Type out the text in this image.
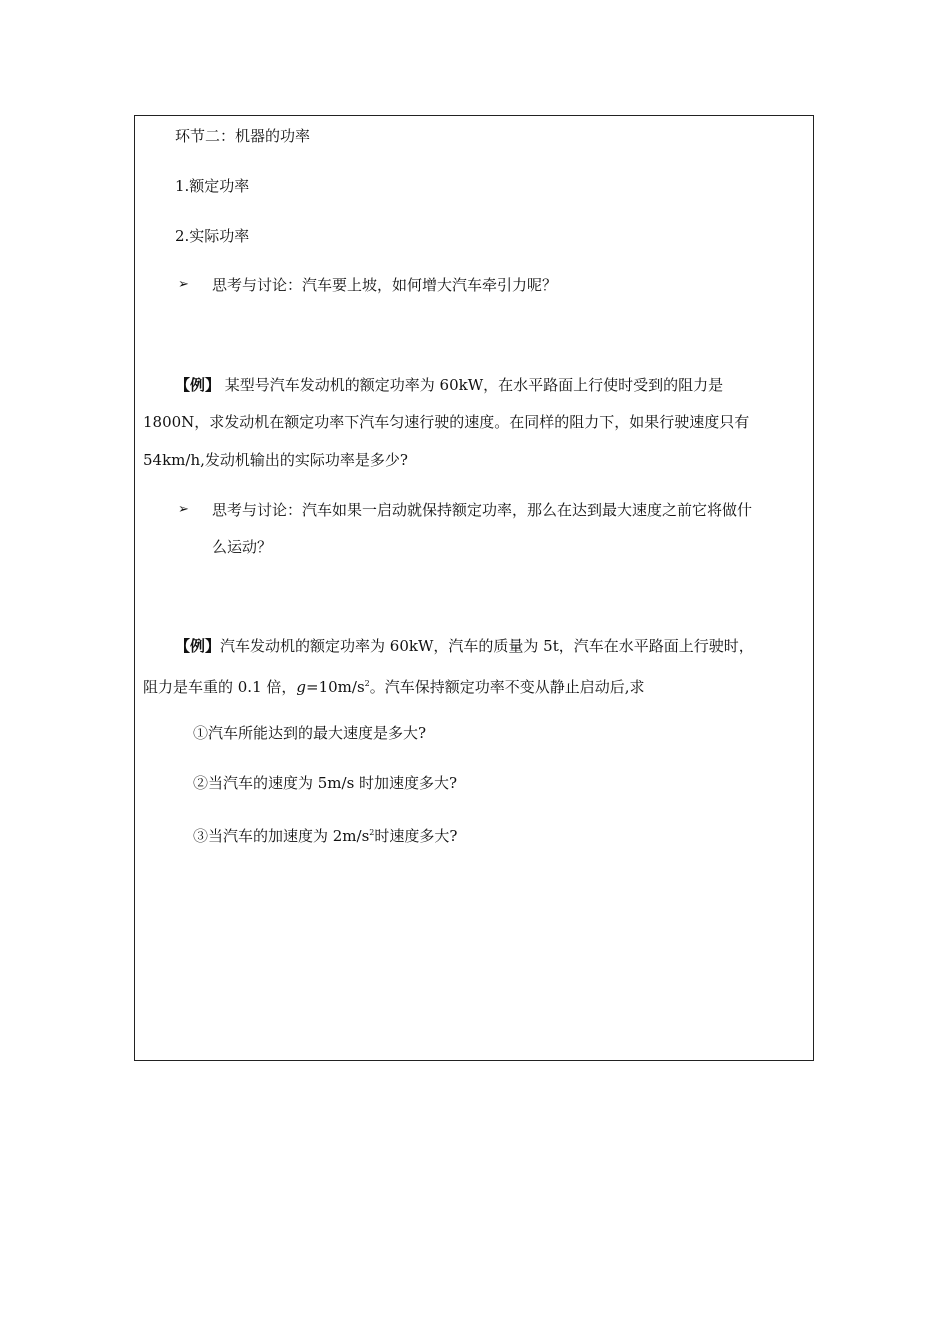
环节二：机器的功率
1.额定功率
2.实际功率
➢ 思考与讨论：汽车要上坡，如何增大汽车牵引力呢？
【例】 某型号汽车发动机的额定功率为 60kW，在水平路面上行使时受到的阻力是
1800N，求发动机在额定功率下汽车匀速行驶的速度。在同样的阻力下，如果行驶速度只有
54km/h,发动机输出的实际功率是多少?
➢ 思考与讨论：汽车如果一启动就保持额定功率，那么在达到最大速度之前它将做什
么运动？
【例】汽车发动机的额定功率为 60kW，汽车的质量为 5t，汽车在水平路面上行驶时，
阻力是车重的 0.1 倍，$g=10m/s^2$。汽车保持额定功率不变从静止启动后,求
①汽车所能达到的最大速度是多大?
②当汽车的速度为 5m/s 时加速度多大?
③当汽车的加速度为 $2m/s^2$时速度多大?
